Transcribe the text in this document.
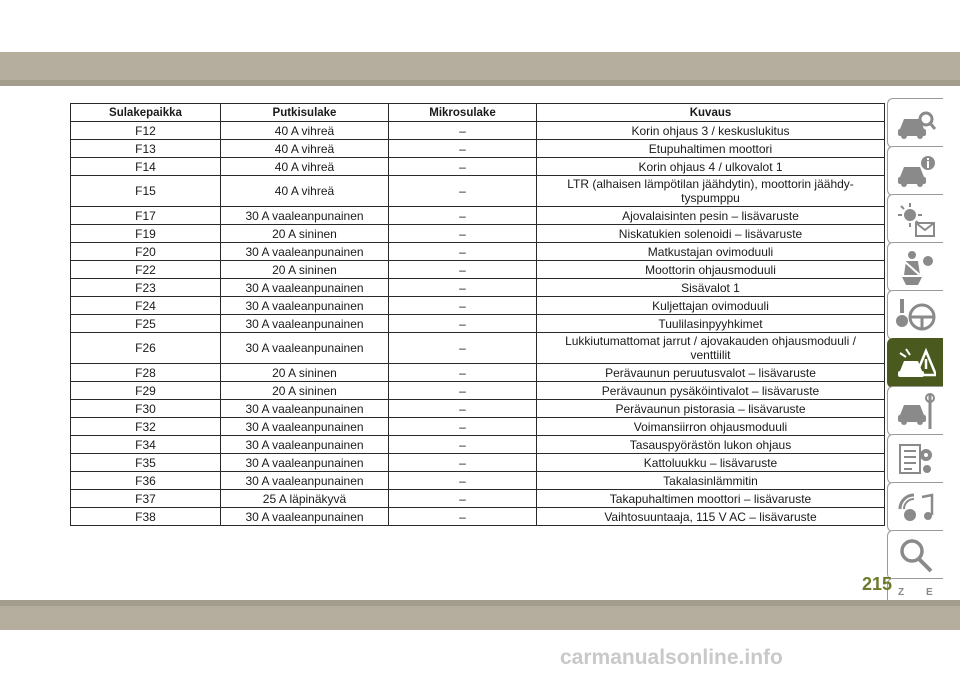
Sulakepaikka	Putkisulake	Mikrosulake	Kuvaus
F12	40 A vihreä	–	Korin ohjaus 3 / keskuslukitus
F13	40 A vihreä	–	Etupuhaltimen moottori
F14	40 A vihreä	–	Korin ohjaus 4 / ulkovalot 1
F15	40 A vihreä	–	LTR (alhaisen lämpötilan jäähdytin), moottorin jäähdy-
tyspumppu
F17	30 A vaaleanpunainen	–	Ajovalaisinten pesin – lisävaruste
F19	20 A sininen	–	Niskatukien solenoidi – lisävaruste
F20	30 A vaaleanpunainen	–	Matkustajan ovimoduuli
F22	20 A sininen	–	Moottorin ohjausmoduuli
F23	30 A vaaleanpunainen	–	Sisävalot 1
F24	30 A vaaleanpunainen	–	Kuljettajan ovimoduuli
F25	30 A vaaleanpunainen	–	Tuulilasinpyyhkimet
F26	30 A vaaleanpunainen	–	Lukkiutumattomat jarrut / ajovakauden ohjausmoduuli /
venttiilit
F28	20 A sininen	–	Perävaunun peruutusvalot – lisävaruste
F29	20 A sininen	–	Perävaunun pysäköintivalot – lisävaruste
F30	30 A vaaleanpunainen	–	Perävaunun pistorasia – lisävaruste
F32	30 A vaaleanpunainen	–	Voimansiirron ohjausmoduuli
F34	30 A vaaleanpunainen	–	Tasauspyörästön lukon ohjaus
F35	30 A vaaleanpunainen	–	Kattoluukku – lisävaruste
F36	30 A vaaleanpunainen	–	Takalasinlämmitin
F37	25 A läpinäkyvä	–	Takapuhaltimen moottori – lisävaruste
F38	30 A vaaleanpunainen	–	Vaihtosuuntaaja, 115 V AC – lisävaruste
Z E
215
carmanualsonline.info
